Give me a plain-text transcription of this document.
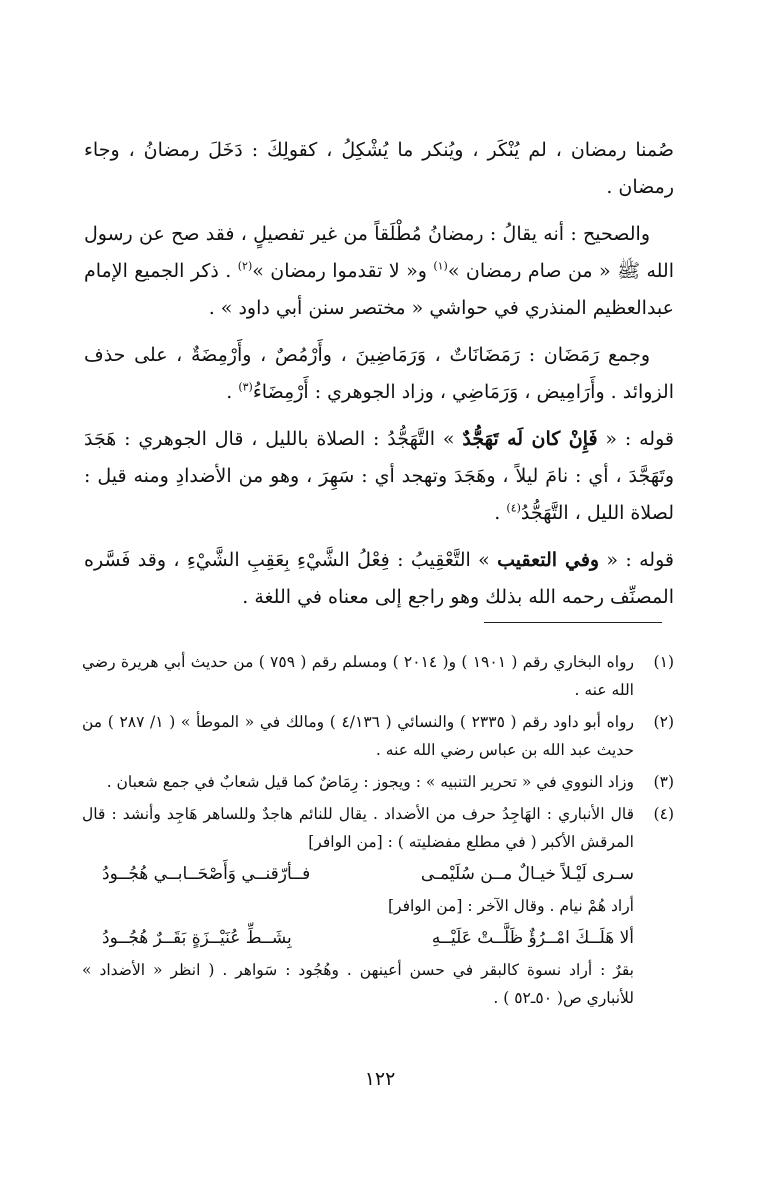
صُمنا رمضان ، لم يُنْكَر ، ويُنكر ما يُشْكِلُ ، كقولِكَ : دَخَلَ رمضانُ ، وجاء رمضان .

والصحيح : أنه يقالُ : رمضانُ مُطْلَقاً من غير تفصيلٍ ، فقد صح عن رسول الله ﷺ « من صام رمضان »$^{(١)}$ و« لا تقدموا رمضان »$^{(٢)}$ . ذكر الجميع الإمام عبدالعظيم المنذري في حواشي « مختصر سنن أبي داود » .

وجمع رَمَضَان : رَمَضَانَاتٌ ، وَرَمَاضِينَ ، وأَرْمُصٌ ، وأَرْمِضَةٌ ، على حذف الزوائد . وأَرَامِيض ، وَرَمَاضِي ، وزاد الجوهري : أَرْمِضَاءُ$^{(٣)}$ .

قوله : « فَإِنْ كان لَه تَهَجُّدٌ » التَّهَجُّدُ : الصلاة بالليل ، قال الجوهري : هَجَدَ وتَهَجَّدَ ، أي : نامَ ليلاً ، وهَجَدَ وتهجد أي : سَهِرَ ، وهو من الأضدادِ ومنه قيل : لصلاة الليل ، التَّهَجُّدُ$^{(٤)}$ .

قوله : « وفي التعقيب » التَّعْقِيبُ : فِعْلُ الشَّيْءِ بِعَقِبِ الشَّيْءِ ، وقد فَسَّره المصنِّف رحمه الله بذلك وهو راجع إلى معناه في اللغة .

(١)
رواه البخاري رقم ( ١٩٠١ ) و( ٢٠١٤ ) ومسلم رقم ( ٧٥٩ ) من حديث أبي هريرة رضي الله عنه .
(٢)
رواه أبو داود رقم ( ٢٣٣٥ ) والنسائي ( ٤/١٣٦ ) ومالك في « الموطأ » ( ١/ ٢٨٧ ) من حديث عبد الله بن عباس رضي الله عنه .
(٣)
وزاد النووي في « تحرير التنبيه » : ويجوز : رِمَاضٌ كما قيل شعابٌ في جمع شعبان .
(٤)
قال الأنباري : الهَاجِدُ حرف من الأضداد . يقال للنائم هاجدٌ وللساهر هَاجِد وأنشد : قال المرقش الأكبر ( في مطلع مفضليته ) : [من الوافر]
سـرى لَيْـلاً خيـالٌ مــن سُلَيْمـى
فــأرّقنــي وَأَصْحَــابــي هُجُــودُ
أراد هُمْ نيام . وقال الآخر : [من الوافر]
ألا هَلَــكَ امْــرُؤٌ ظَلَّــتْ عَلَيْــهِ
بِشَــطِّ عُنَيْــزَةٍ بَقَــرٌ هُجُــودُ
بقرٌ : أراد نسوة كالبقر في حسن أعينهن . وهُجُود : سَواهر . ( انظر « الأضداد » للأنباري ص( ٥٠ـ٥٢ ) .
١٢٢
